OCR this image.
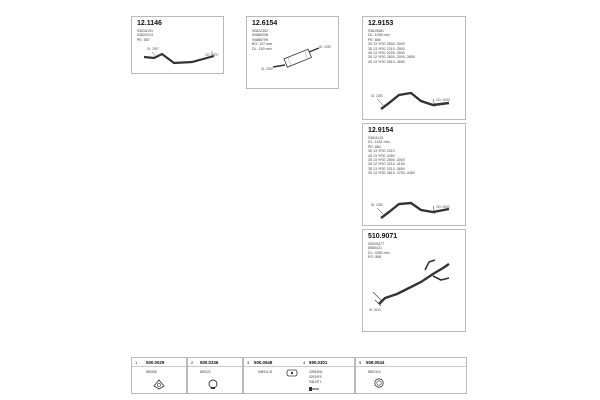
12.1146
93816191
93820314
PE: 857
ID: 2997
OD: 2997
12.6154
90822302
90886238
90886799
BO: 107 mm
DL: 150 mm
ID: 2250
ID: 2250
12.9153
93810581
DL: 1095 mm
PE: 880
35 13 YRG 2800..3000
35 13 YRG 2310..3500
45 13 YRG 3200..3500
35 12 YRG 2800..3000..3650
45 13 YRG 3810..3650
ID: 2250
OD: 2650
12.9154
93811115
DL: 1431 mm
PE: 880
35 13 YRG 3210
45 13 YRG 3450
35 13 YRG 2800..3000
35 12 YRG 3210..4150
35 13 YRG 3210..3650
35 13 YRG 3810..3750..4450
ID: 2250	OD: 2650
510.9071
9392547T
8585421
DL: 3350 mm
PO: 808
ID: 5410
1 500.0029
859088
2 500.0336
859323
3 500.0548	4 590.0301
908911-M	02584M4
92934F9
93819T1
5 509.0044
8592316
